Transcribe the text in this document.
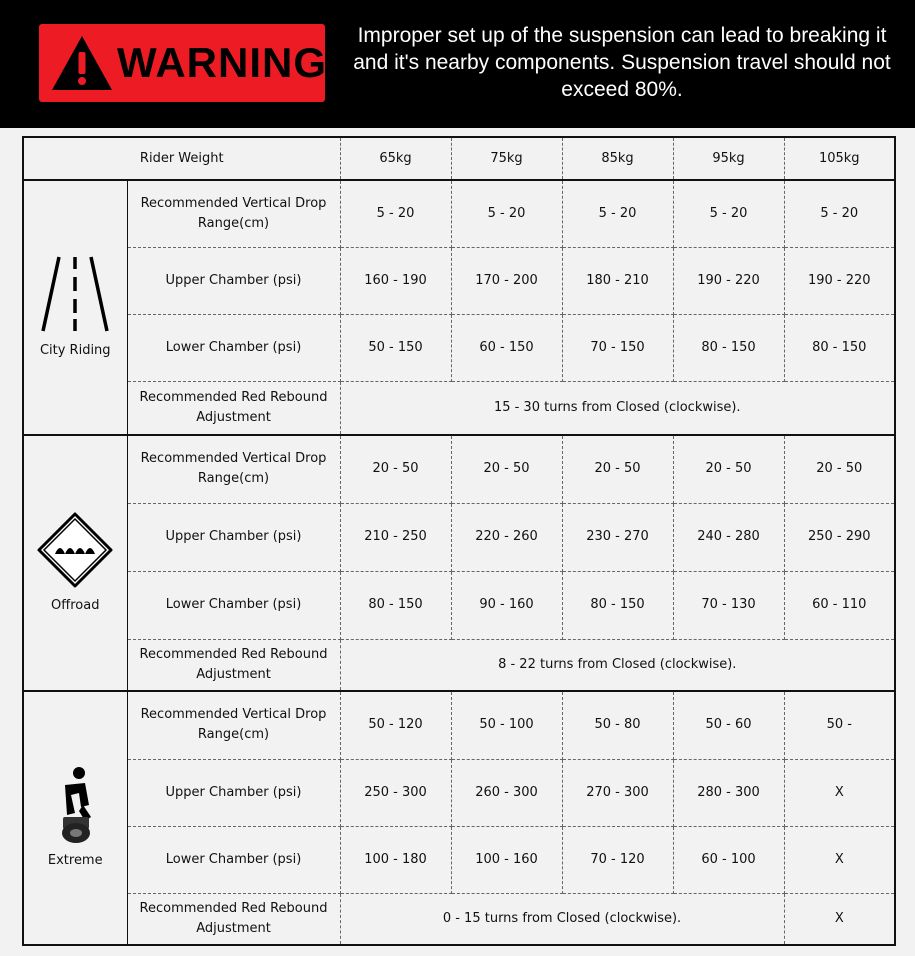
WARNING
Improper set up of the suspension can lead to breaking it and it's nearby components. Suspension travel should not exceed 80%.
Rider Weight		65kg	75kg	85kg	95kg	105kg

City Riding	Recommended Vertical Drop Range(cm)	5 - 20	5 - 20	5 - 20	5 - 20	5 - 20
	Upper Chamber (psi)	160 - 190	170 - 200	180 - 210	190 - 220	190 - 220
	Lower Chamber (psi)	50 - 150	60 - 150	70 - 150	80 - 150	80 - 150
	Recommended Red Rebound Adjustment	15 - 30 turns from Closed (clockwise).				

Offroad	Recommended Vertical Drop Range(cm)	20 - 50	20 - 50	20 - 50	20 - 50	20 - 50
	Upper Chamber (psi)	210 - 250	220 - 260	230 - 270	240 - 280	250 - 290
	Lower Chamber (psi)	80 - 150	90 - 160	80 - 150	70 - 130	60 - 110
	Recommended Red Rebound Adjustment	8 - 22 turns from Closed (clockwise).				

Extreme	Recommended Vertical Drop Range(cm)	50 - 120	50 - 100	50 - 80	50 - 60	50 -
	Upper Chamber (psi)	250 - 300	260 - 300	270 - 300	280 - 300	X
	Lower Chamber (psi)	100 - 180	100 - 160	70 - 120	60 - 100	X
	Recommended Red Rebound Adjustment	0 - 15 turns from Closed (clockwise).				X
